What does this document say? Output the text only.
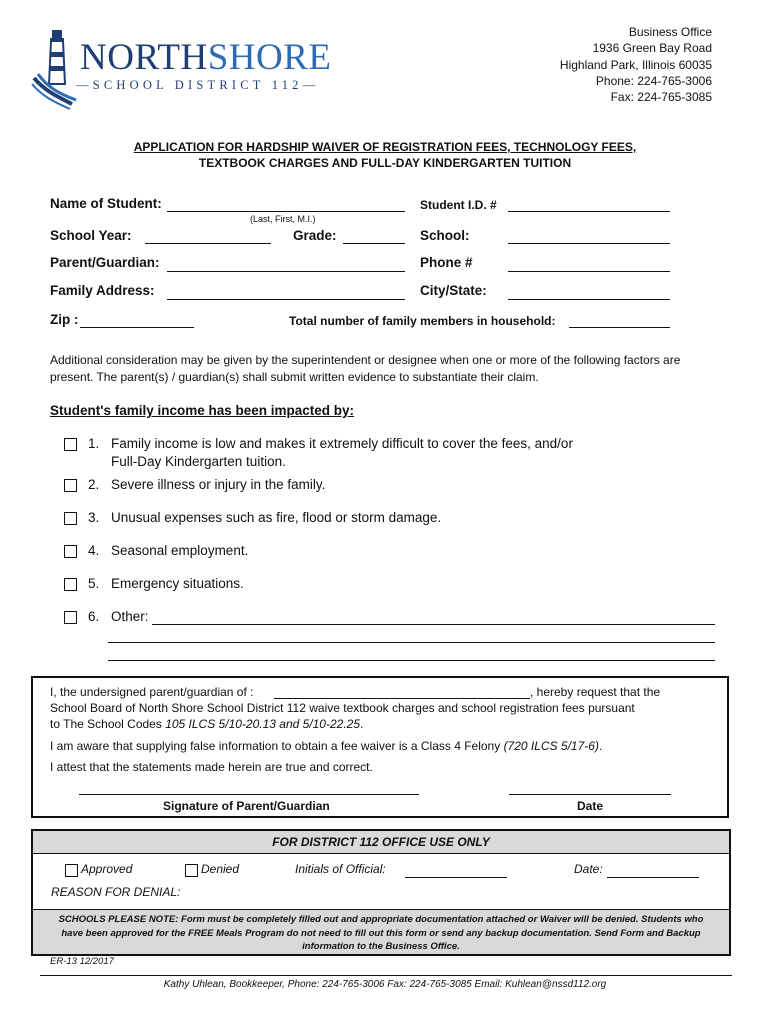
NORTHSHORE
—SCHOOL DISTRICT 112—
Business Office
1936 Green Bay Road
Highland Park, Illinois 60035
Phone: 224-765-3006
Fax: 224-765-3085
APPLICATION FOR HARDSHIP WAIVER OF REGISTRATION FEES, TECHNOLOGY FEES,
TEXTBOOK CHARGES AND FULL-DAY KINDERGARTEN TUITION
Name of Student:
(Last, First, M.I.)
Student I.D. #
School Year:	Grade:	School:
Parent/Guardian:	Phone #
Family Address:	City/State:
Zip :	Total number of family members in household:
Additional consideration may be given by the superintendent or designee when one or more of the following factors are
present. The parent(s) / guardian(s) shall submit written evidence to substantiate their claim.
Student's family income has been impacted by:
1. Family income is low and makes it extremely difficult to cover the fees, and/or
Full-Day Kindergarten tuition.
2. Severe illness or injury in the family.
3. Unusual expenses such as fire, flood or storm damage.
4. Seasonal employment.
5. Emergency situations.
6. Other:
I, the undersigned parent/guardian of :	, hereby request that the
School Board of North Shore School District 112 waive textbook charges and school registration fees pursuant
to The School Codes 105 ILCS 5/10-20.13 and 5/10-22.25.
I am aware that supplying false information to obtain a fee waiver is a Class 4 Felony (720 ILCS 5/17-6).
I attest that the statements made herein are true and correct.
Signature of Parent/Guardian	Date
FOR DISTRICT 112 OFFICE USE ONLY
Approved	Denied	Initials of Official:	Date:
REASON FOR DENIAL:
SCHOOLS PLEASE NOTE: Form must be completely filled out and appropriate documentation attached or Waiver will be denied. Students who
have been approved for the FREE Meals Program do not need to fill out this form or send any backup documentation. Send Form and Backup
information to the Business Office.
ER-13 12/2017
Kathy Uhlean, Bookkeeper, Phone: 224-765-3006 Fax: 224-765-3085 Email: Kuhlean@nssd112.org
